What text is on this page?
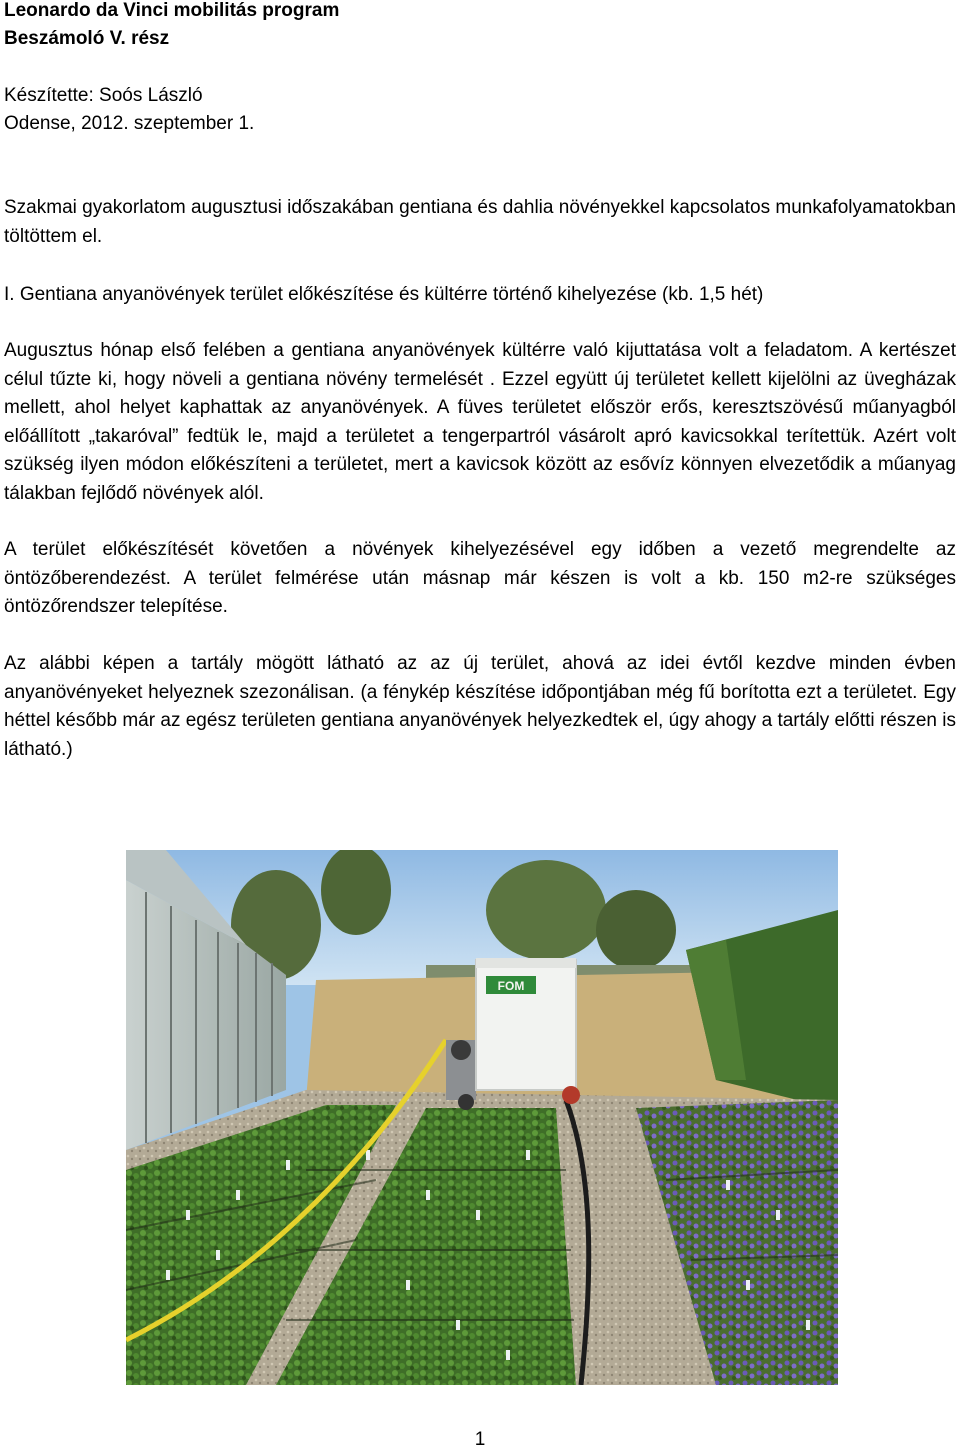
Leonardo da Vinci mobilitás program

Beszámoló V. rész

Készítette: Soós László

Odense, 2012. szeptember 1.

Szakmai gyakorlatom augusztusi időszakában gentiana és dahlia növényekkel kapcsolatos munkafolyamatokban töltöttem el.

I. Gentiana anyanövények terület előkészítése és kültérre történő kihelyezése (kb. 1,5 hét)

Augusztus hónap első felében a gentiana anyanövények kültérre való kijuttatása volt a feladatom. A kertészet célul tűzte ki, hogy növeli a gentiana növény termelését . Ezzel együtt új területet kellett kijelölni az üvegházak mellett, ahol helyet kaphattak az anyanövények. A füves területet először erős, keresztszövésű műanyagból előállított „takaróval” fedtük le, majd a területet a tengerpartról vásárolt apró kavicsokkal terítettük. Azért volt szükség ilyen módon előkészíteni a területet, mert a kavicsok között az esővíz könnyen elvezetődik a műanyag tálakban fejlődő növények alól.

A terület előkészítését követően a növények kihelyezésével egy időben a vezető megrendelte az öntözőberendezést. A terület felmérése után másnap már készen is volt a kb. 150 m2-re szükséges öntözőrendszer telepítése.

Az alábbi képen a tartály mögött látható az az új terület, ahová az idei évtől kezdve minden évben anyanövényeket helyeznek szezonálisan. (a fénykép készítése időpontjában még fű borította ezt a területet. Egy héttel később már az egész területen gentiana anyanövények helyezkedtek el, úgy ahogy a tartály előtti részen is látható.)

FOM
1
